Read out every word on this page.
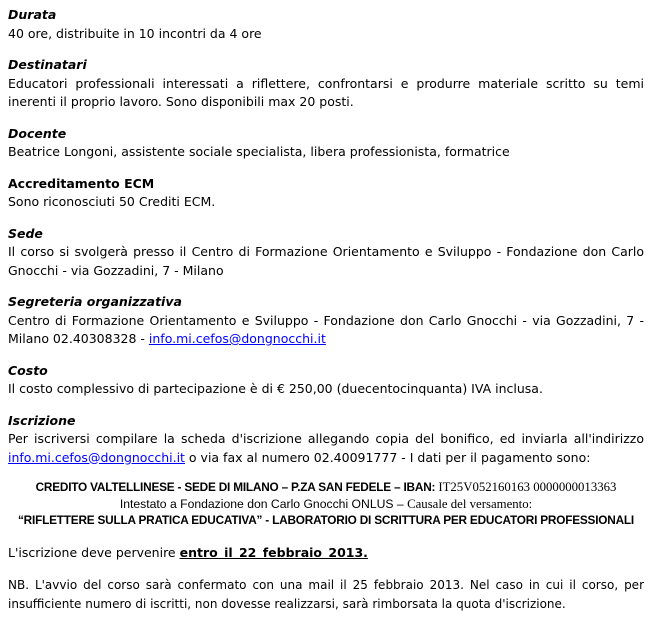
Durata
40 ore, distribuite in 10 incontri da 4 ore
Destinatari
Educatori professionali interessati a riflettere, confrontarsi e produrre materiale scritto su temi inerenti il proprio lavoro. Sono disponibili max 20 posti.
Docente
Beatrice Longoni, assistente sociale specialista, libera professionista, formatrice
Accreditamento ECM
Sono riconosciuti 50 Crediti ECM.
Sede
Il corso si svolgerà presso il Centro di Formazione Orientamento e Sviluppo - Fondazione don Carlo Gnocchi - via Gozzadini, 7 - Milano
Segreteria organizzativa
Centro di Formazione Orientamento e Sviluppo - Fondazione don Carlo Gnocchi - via Gozzadini, 7 - Milano 02.40308328 - info.mi.cefos@dongnocchi.it
Costo
Il costo complessivo di partecipazione è di € 250,00 (duecentocinquanta) IVA inclusa.
Iscrizione
Per iscriversi compilare la scheda d'iscrizione allegando copia del bonifico, ed inviarla all'indirizzo info.mi.cefos@dongnocchi.it o via fax al numero 02.40091777 - I dati per il pagamento sono:
CREDITO VALTELLINESE - SEDE DI MILANO – P.ZA SAN FEDELE – IBAN: IT25V052160163 0000000013363
Intestato a Fondazione don Carlo Gnocchi ONLUS – Causale del versamento:
“RIFLETTERE SULLA PRATICA EDUCATIVA” - LABORATORIO DI SCRITTURA PER EDUCATORI PROFESSIONALI
L'iscrizione deve pervenire entro il 22 febbraio 2013.
NB. L'avvio del corso sarà confermato con una mail il 25 febbraio 2013. Nel caso in cui il corso, per insufficiente numero di iscritti, non dovesse realizzarsi, sarà rimborsata la quota d'iscrizione.
